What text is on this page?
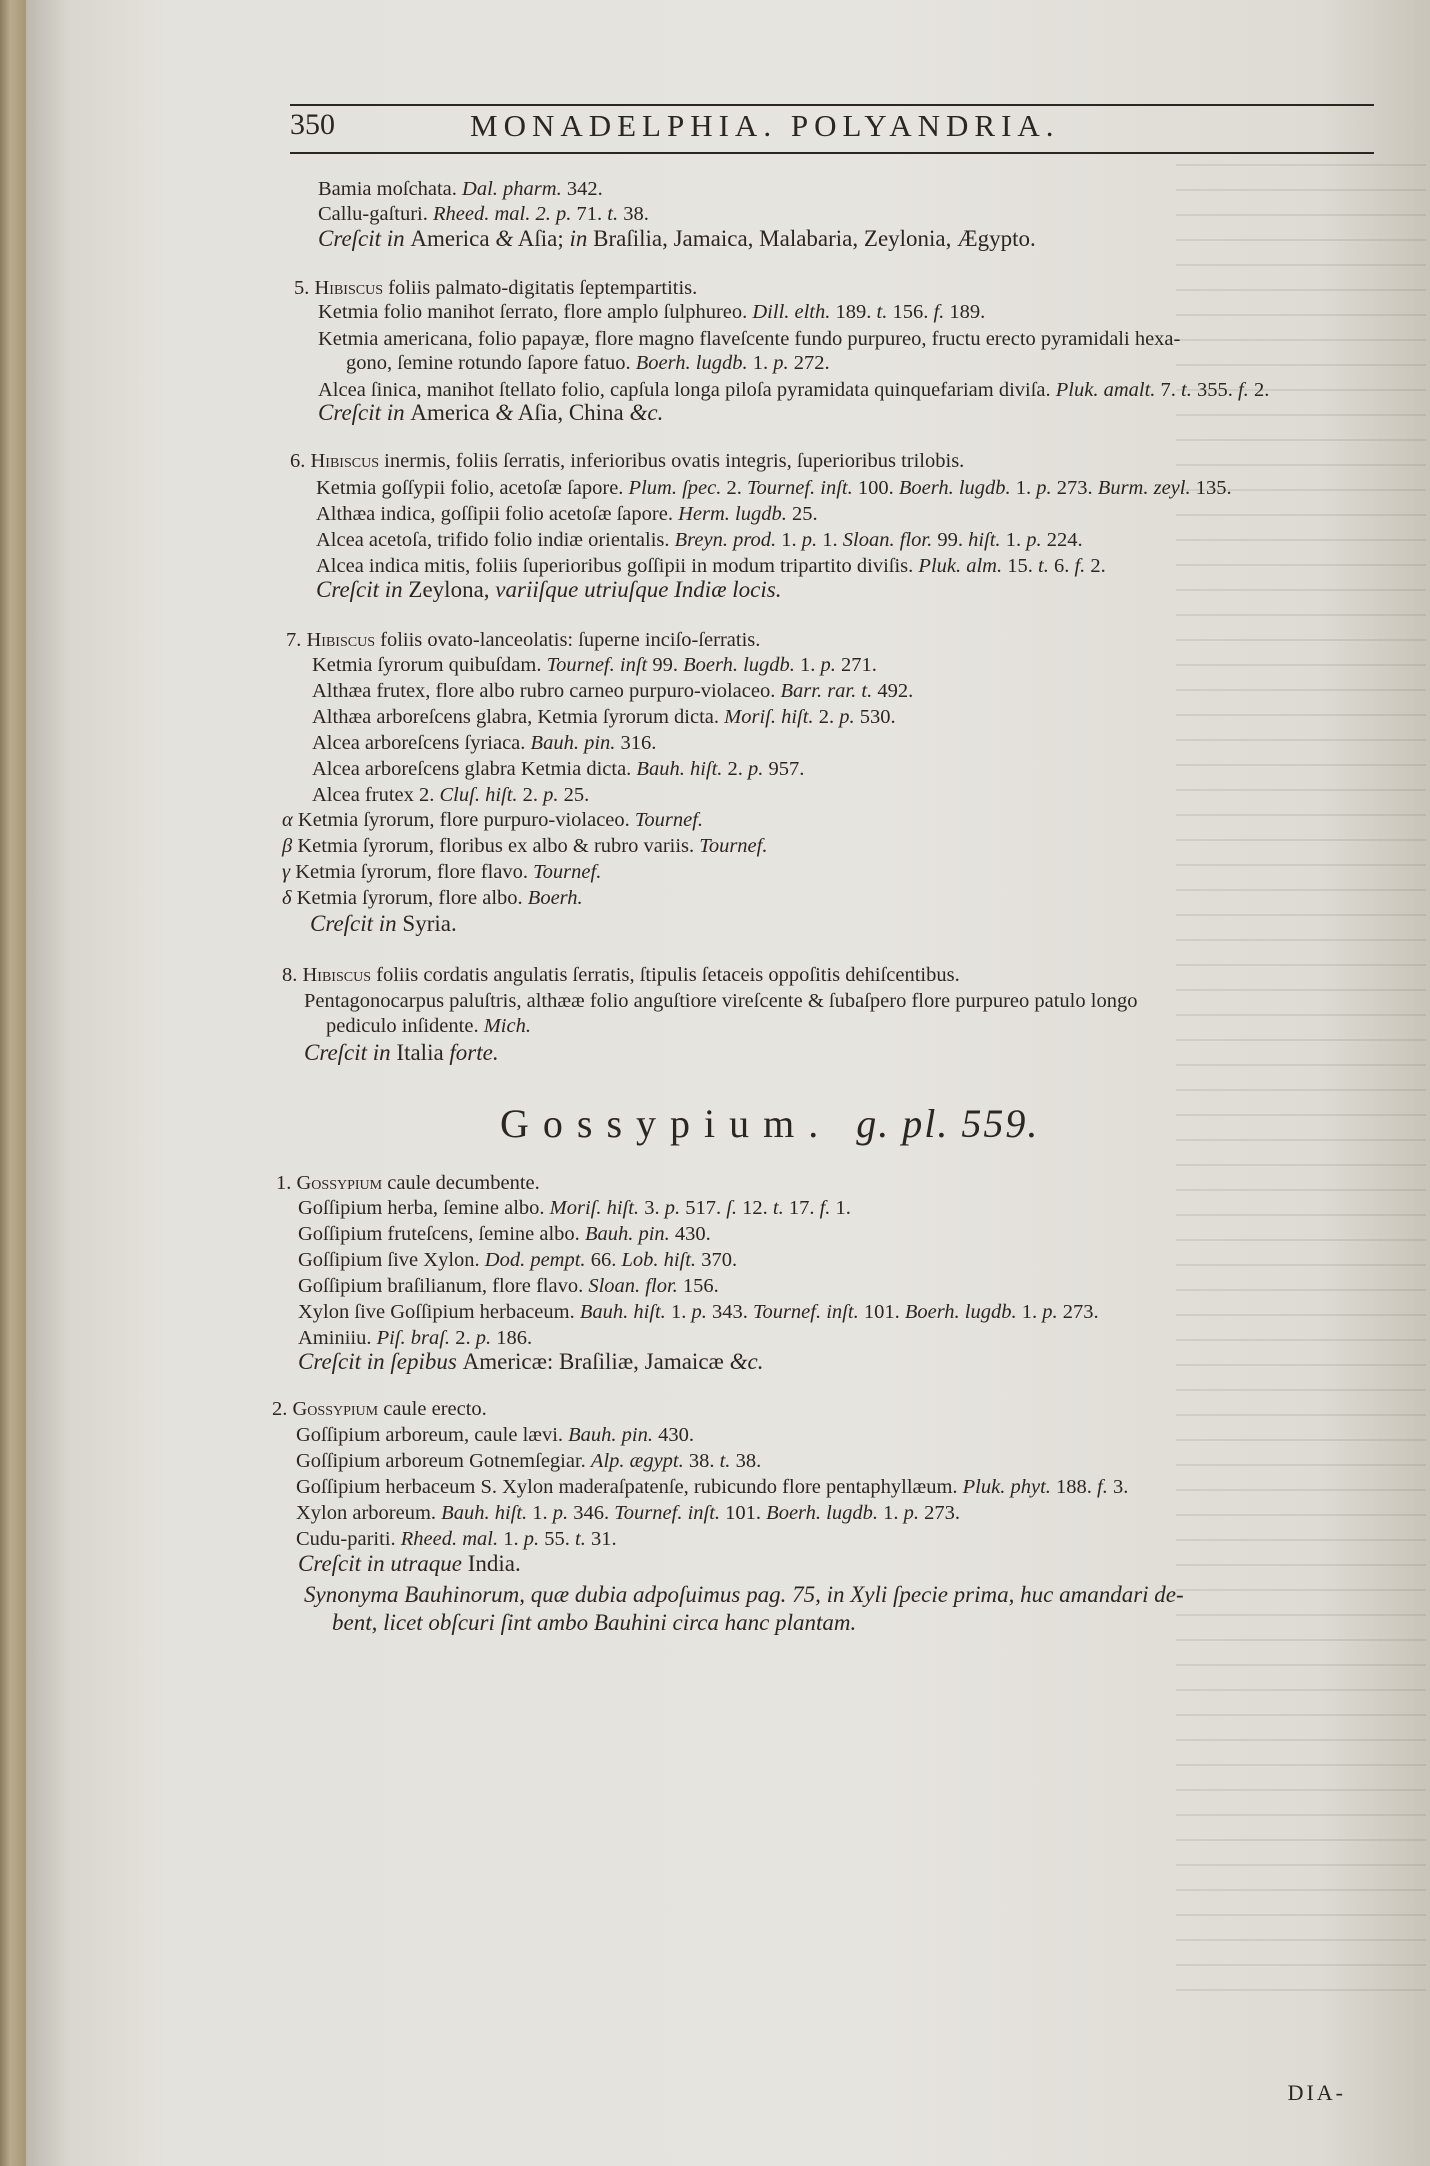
350	MONADELPHIA. POLYANDRIA.
Bamia moſchata. Dal. pharm. 342.
Callu-gaſturi. Rheed. mal. 2. p. 71. t. 38.
Creſcit in America & Aſia; in Braſilia, Jamaica, Malabaria, Zeylonia, Ægypto.
5. Hibiscus foliis palmato-digitatis ſeptempartitis.
Ketmia folio manihot ſerrato, flore amplo ſulphureo. Dill. elth. 189. t. 156. f. 189.
Ketmia americana, folio papayæ, flore magno flaveſcente fundo purpureo, fructu erecto pyramidali hexa-
gono, ſemine rotundo ſapore fatuo. Boerh. lugdb. 1. p. 272.
Alcea ſinica, manihot ſtellato folio, capſula longa piloſa pyramidata quinquefariam diviſa. Pluk. amalt. 7. t. 355. f. 2.
Creſcit in America & Aſia, China &c.
6. Hibiscus inermis, foliis ſerratis, inferioribus ovatis integris, ſuperioribus trilobis.
Ketmia goſſypii folio, acetoſæ ſapore. Plum. ſpec. 2. Tournef. inſt. 100. Boerh. lugdb. 1. p. 273. Burm. zeyl. 135.
Althæa indica, goſſipii folio acetoſæ ſapore. Herm. lugdb. 25.
Alcea acetoſa, trifido folio indiæ orientalis. Breyn. prod. 1. p. 1. Sloan. flor. 99. hiſt. 1. p. 224.
Alcea indica mitis, foliis ſuperioribus goſſipii in modum tripartito diviſis. Pluk. alm. 15. t. 6. f. 2.
Creſcit in Zeylona, variiſque utriuſque Indiæ locis.
7. Hibiscus foliis ovato-lanceolatis: ſuperne inciſo-ſerratis.
Ketmia ſyrorum quibuſdam. Tournef. inſt 99. Boerh. lugdb. 1. p. 271.
Althæa frutex, flore albo rubro carneo purpuro-violaceo. Barr. rar. t. 492.
Althæa arboreſcens glabra, Ketmia ſyrorum dicta. Moriſ. hiſt. 2. p. 530.
Alcea arboreſcens ſyriaca. Bauh. pin. 316.
Alcea arboreſcens glabra Ketmia dicta. Bauh. hiſt. 2. p. 957.
Alcea frutex 2. Cluſ. hiſt. 2. p. 25.
α Ketmia ſyrorum, flore purpuro-violaceo. Tournef.
β Ketmia ſyrorum, floribus ex albo & rubro variis. Tournef.
γ Ketmia ſyrorum, flore flavo. Tournef.
δ Ketmia ſyrorum, flore albo. Boerh.
Creſcit in Syria.
8. Hibiscus foliis cordatis angulatis ſerratis, ſtipulis ſetaceis oppoſitis dehiſcentibus.
Pentagonocarpus paluſtris, althææ folio anguſtiore vireſcente & ſubaſpero flore purpureo patulo longo
pediculo inſidente. Mich.
Creſcit in Italia forte.
Gossypium. g. pl. 559.
1. Gossypium caule decumbente.
Goſſipium herba, ſemine albo. Moriſ. hiſt. 3. p. 517. ſ. 12. t. 17. f. 1.
Goſſipium fruteſcens, ſemine albo. Bauh. pin. 430.
Goſſipium ſive Xylon. Dod. pempt. 66. Lob. hiſt. 370.
Goſſipium braſilianum, flore flavo. Sloan. flor. 156.
Xylon ſive Goſſipium herbaceum. Bauh. hiſt. 1. p. 343. Tournef. inſt. 101. Boerh. lugdb. 1. p. 273.
Aminiiu. Piſ. braſ. 2. p. 186.
Creſcit in ſepibus Americæ: Braſiliæ, Jamaicæ &c.
2. Gossypium caule erecto.
Goſſipium arboreum, caule lævi. Bauh. pin. 430.
Goſſipium arboreum Gotnemſegiar. Alp. ægypt. 38. t. 38.
Goſſipium herbaceum S. Xylon maderaſpatenſe, rubicundo flore pentaphyllæum. Pluk. phyt. 188. f. 3.
Xylon arboreum. Bauh. hiſt. 1. p. 346. Tournef. inſt. 101. Boerh. lugdb. 1. p. 273.
Cudu-pariti. Rheed. mal. 1. p. 55. t. 31.
Creſcit in utraque India.
Synonyma Bauhinorum, quæ dubia adpoſuimus pag. 75, in Xyli ſpecie prima, huc amandari de-
bent, licet obſcuri ſint ambo Bauhini circa hanc plantam.
DIA-
